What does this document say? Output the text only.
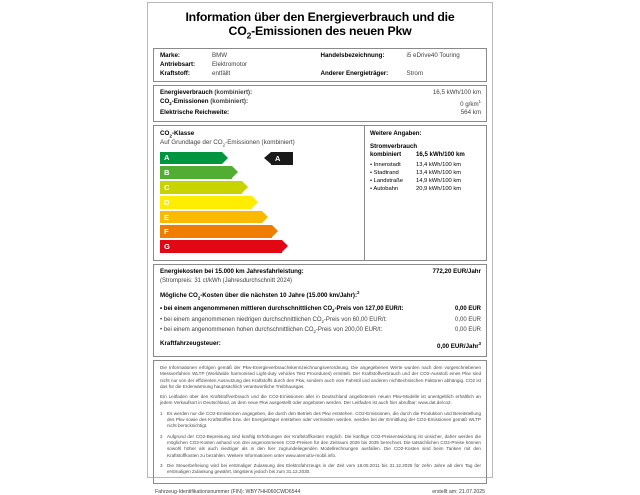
Information über den Energieverbrauch und die
$CO_2$-Emissionen des neuen Pkw
Marke:	BMW
Antriebsart:	Elektromotor
Kraftstoff:	entfällt
Handelsbezeichnung:	i5 eDrive40 Touring

Anderer Energieträger:	Strom
Energieverbrauch (kombiniert):	16,5 kWh/100 km
$CO_2$-Emissionen (kombiniert):	0 $g/km^1$
Elektrische Reichweite:	564 km
$CO_2$-Klasse
Auf Grundlage der $CO_2$-Emissionen (kombiniert)
A
A
B
C
D
E
F
G
Weitere Angaben:
Stromverbrauch
kombiniert	16,5 kWh/100 km
• Innenstadt	13,4 kWh/100 km
• Stadtrand	13,4 kWh/100 km
• Landstraße	14,9 kWh/100 km
• Autobahn	20,9 kWh/100 km
Energiekosten bei 15.000 km Jahresfahrleistung:	772,20 EUR/Jahr
(Strompreis: 31 ct/kWh (Jahresdurchschnitt 2024)
Mögliche $CO_2$-Kosten über die nächsten 10 Jahre (15.000 km/Jahr):$^2$
• bei einem angenommenen mittleren durchschnittlichen $CO_2$-Preis von 127,00 EUR/t:	0,00 EUR
• bei einem angenommenen niedrigen durchschnittlichen $CO_2$-Preis von 60,00 EUR/t:	0,00 EUR
• bei einem angenommenen hohen durchschnittlichen $CO_2$-Preis von 200,00 EUR/t:	0,00 EUR
Kraftfahrzeugsteuer:	0,00 EUR/Jahr$^3$

Die Informationen erfolgen gemäß der Pkw-Energieverbrauchskennzeichnungsverordnung. Die angegebenen Werte wurden nach dem vorgeschriebenen Messverfahren WLTP (Worldwide harmonised Light-duty vehicles Test Procedures) ermittelt. Der Kraftstoffverbrauch und der CO2-Ausstoß eines Pkw sind nicht nur von der effizienten Ausnutzung des Kraftstoffs durch den Pkw, sondern auch vom Fahrstil und anderen nichttechnischen Faktoren abhängig. CO2 ist das für die Erderwärmung hauptsächlich verantwortliche Treibhausgas.

Ein Leitfaden über den Kraftstoffverbrauch und die CO2-Emissionen aller in Deutschland angebotenen neuen Pkw-Modelle ist unentgeltlich erhältlich an jedem Verkaufsort in Deutschland, an dem neue Pkw ausgestellt oder angeboten werden. Der Leitfaden ist auch hier abrufbar: www.dat.de/co2.

1 Es werden nur die CO2-Emissionen angegeben, die durch den Betrieb des Pkw entstehen. CO2-Emissionen, die durch die Produktion und Bereitstellung des Pkw sowie des Kraftstoffes bzw. der Energieträger entstehen oder vermieden werden, werden bei der Ermittlung der CO2-Emissionen gemäß WLTP nicht berücksichtigt.
2 Aufgrund der CO2-Bepreisung sind künftig Erhöhungen der Kraftstoffkosten möglich. Die künftige CO2-Preisentwicklung ist unsicher, daher werden die möglichen CO2-Kosten anhand von drei angenommenen CO2-Preisen für den Zeitraum 2026 bis 2035 berechnet. Die tatsächlichen CO2-Preise können sowohl höher als auch niedriger als in den hier zugrundeliegenden Modellrechnungen ausfallen. Die CO2-Kosten sind beim Tanken mit den Kraftstoffkosten zu bezahlen. Weitere Informationen unter www.atemotiv-mobil.info.
3 Die Steuerbefreiung wird bei erstmaliger Zulassung des Elektrofahrzeugs in der Zeit vom 18.05.2011 bis 31.12.2025 für zehn Jahre ab dem Tag der erstmaligen Zulassung gewährt, längstens jedoch bis zum 31.12.2030.
Fahrzeug-Identifikationsnummer (FIN): WBY7HH060CWD6544	erstellt am: 21.07.2025
